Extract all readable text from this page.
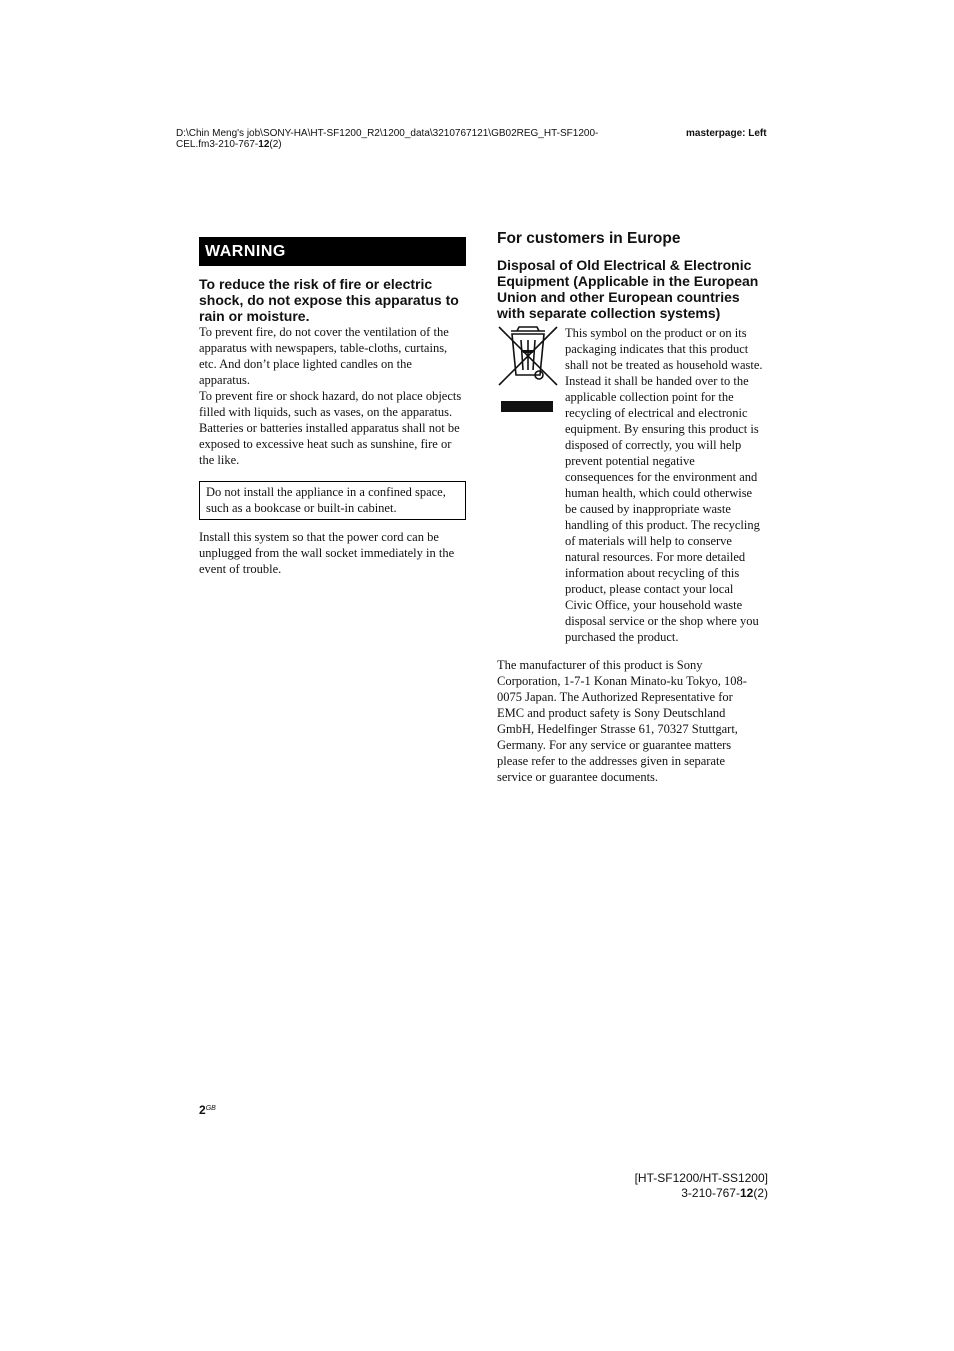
D:\Chin Meng's job\SONY-HA\HT-SF1200_R2\1200_data\3210767121\GB02REG_HT-SF1200-
CEL.fm3-210-767-12(2)
masterpage: Left
WARNING
To reduce the risk of fire or electric shock, do not expose this apparatus to rain or moisture.

To prevent fire, do not cover the ventilation of the apparatus with newspapers, table-cloths, curtains, etc. And don’t place lighted candles on the apparatus.

To prevent fire or shock hazard, do not place objects filled with liquids, such as vases, on the apparatus.

Batteries or batteries installed apparatus shall not be exposed to excessive heat such as sunshine, fire or the like.

Do not install the appliance in a confined space, such as a bookcase or built-in cabinet.

Install this system so that the power cord can be unplugged from the wall socket immediately in the event of trouble.

For customers in Europe
Disposal of Old Electrical & Electronic Equipment (Applicable in the European Union and other European countries with separate collection systems)
This symbol on the product or on its packaging indicates that this product shall not be treated as household waste. Instead it shall be handed over to the applicable collection point for the recycling of electrical and electronic equipment. By ensuring this product is disposed of correctly, you will help prevent potential negative consequences for the environment and human health, which could otherwise be caused by inappropriate waste handling of this product. The recycling of materials will help to conserve natural resources. For more detailed information about recycling of this product, please contact your local Civic Office, your household waste disposal service or the shop where you purchased the product.

The manufacturer of this product is Sony Corporation, 1-7-1 Konan Minato-ku Tokyo, 108-0075 Japan. The Authorized Representative for EMC and product safety is Sony Deutschland GmbH, Hedelfinger Strasse 61, 70327 Stuttgart, Germany. For any service or guarantee matters please refer to the addresses given in separate service or guarantee documents.

$2^{GB}$
[HT-SF1200/HT-SS1200]
3-210-767-12(2)
